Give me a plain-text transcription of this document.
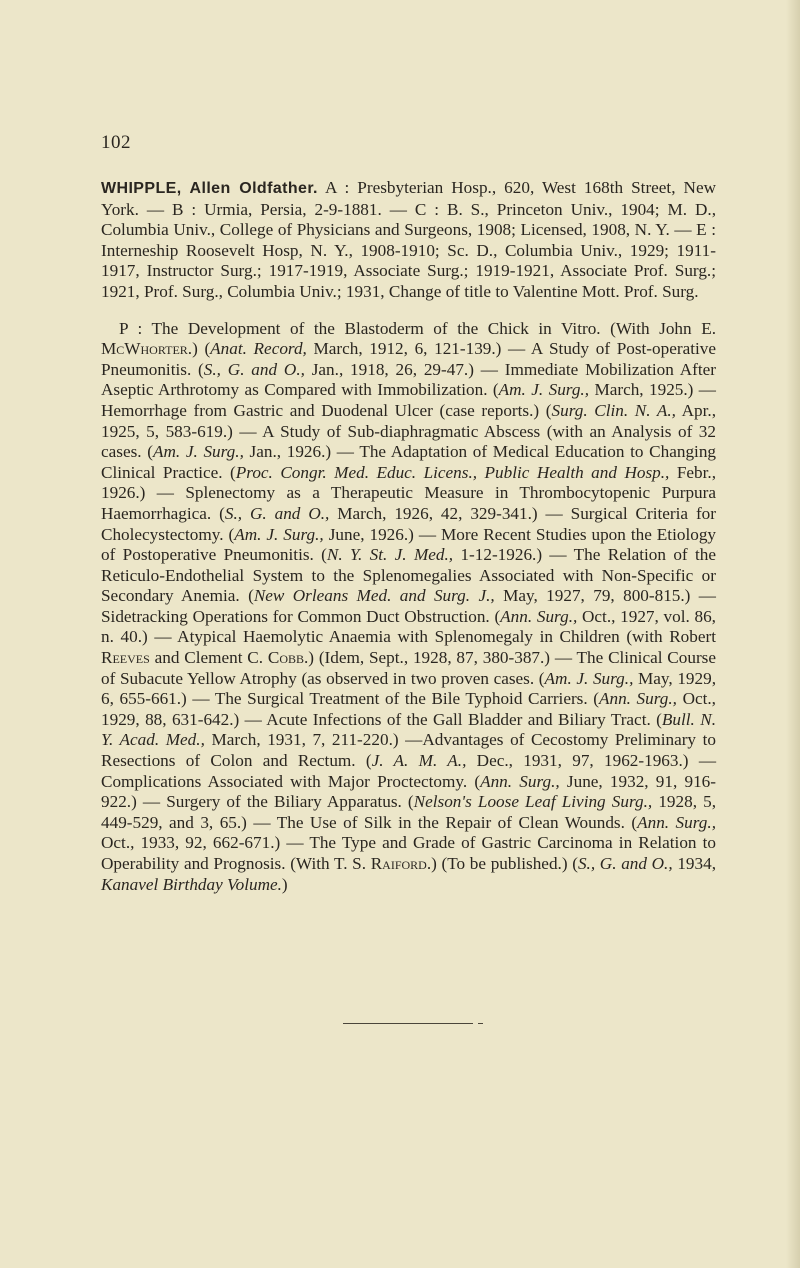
102

WHIPPLE, Allen Oldfather. A : Presbyterian Hosp., 620, West 168th Street, New York. — B : Urmia, Persia, 2-9-1881. — C : B. S., Princeton Univ., 1904; M. D., Columbia Univ., College of Physicians and Surgeons, 1908; Licensed, 1908, N. Y. — E : Interneship Roosevelt Hosp, N. Y., 1908-1910; Sc. D., Columbia Univ., 1929; 1911-1917, Instructor Surg.; 1917-1919, Associate Surg.; 1919-1921, Associate Prof. Surg.; 1921, Prof. Surg., Columbia Univ.; 1931, Change of title to Valentine Mott. Prof. Surg.

P : The Development of the Blastoderm of the Chick in Vitro. (With John E. McWhorter.) (Anat. Record, March, 1912, 6, 121-139.) — A Study of Post-operative Pneumonitis. (S., G. and O., Jan., 1918, 26, 29-47.) — Immediate Mobilization After Aseptic Arthrotomy as Compared with Immobilization. (Am. J. Surg., March, 1925.) — Hemorrhage from Gastric and Duodenal Ulcer (case reports.) (Surg. Clin. N. A., Apr., 1925, 5, 583-619.) — A Study of Sub-diaphragmatic Abscess (with an Analysis of 32 cases. (Am. J. Surg., Jan., 1926.) — The Adaptation of Medical Education to Changing Clinical Practice. (Proc. Congr. Med. Educ. Licens., Public Health and Hosp., Febr., 1926.) — Splenectomy as a Therapeutic Measure in Thrombocytopenic Purpura Haemorrhagica. (S., G. and O., March, 1926, 42, 329-341.) — Surgical Criteria for Cholecystectomy. (Am. J. Surg., June, 1926.) — More Recent Studies upon the Etiology of Postoperative Pneumonitis. (N. Y. St. J. Med., 1-12-1926.) — The Relation of the Reticulo-Endothelial System to the Splenomegalies Associated with Non-Specific or Secondary Anemia. (New Orleans Med. and Surg. J., May, 1927, 79, 800-815.) — Sidetracking Operations for Common Duct Obstruction. (Ann. Surg., Oct., 1927, vol. 86, n. 40.) — Atypical Haemolytic Anaemia with Splenomegaly in Children (with Robert Reeves and Clement C. Cobb.) (Idem, Sept., 1928, 87, 380-387.) — The Clinical Course of Subacute Yellow Atrophy (as observed in two proven cases. (Am. J. Surg., May, 1929, 6, 655-661.) — The Surgical Treatment of the Bile Typhoid Carriers. (Ann. Surg., Oct., 1929, 88, 631-642.) — Acute Infections of the Gall Bladder and Biliary Tract. (Bull. N. Y. Acad. Med., March, 1931, 7, 211-220.) —Advantages of Cecostomy Preliminary to Resections of Colon and Rectum. (J. A. M. A., Dec., 1931, 97, 1962-1963.) — Complications Associated with Major Proctectomy. (Ann. Surg., June, 1932, 91, 916-922.) — Surgery of the Biliary Apparatus. (Nelson's Loose Leaf Living Surg., 1928, 5, 449-529, and 3, 65.) — The Use of Silk in the Repair of Clean Wounds. (Ann. Surg., Oct., 1933, 92, 662-671.) — The Type and Grade of Gastric Carcinoma in Relation to Operability and Prognosis. (With T. S. Raiford.) (To be published.) (S., G. and O., 1934, Kanavel Birthday Volume.)
